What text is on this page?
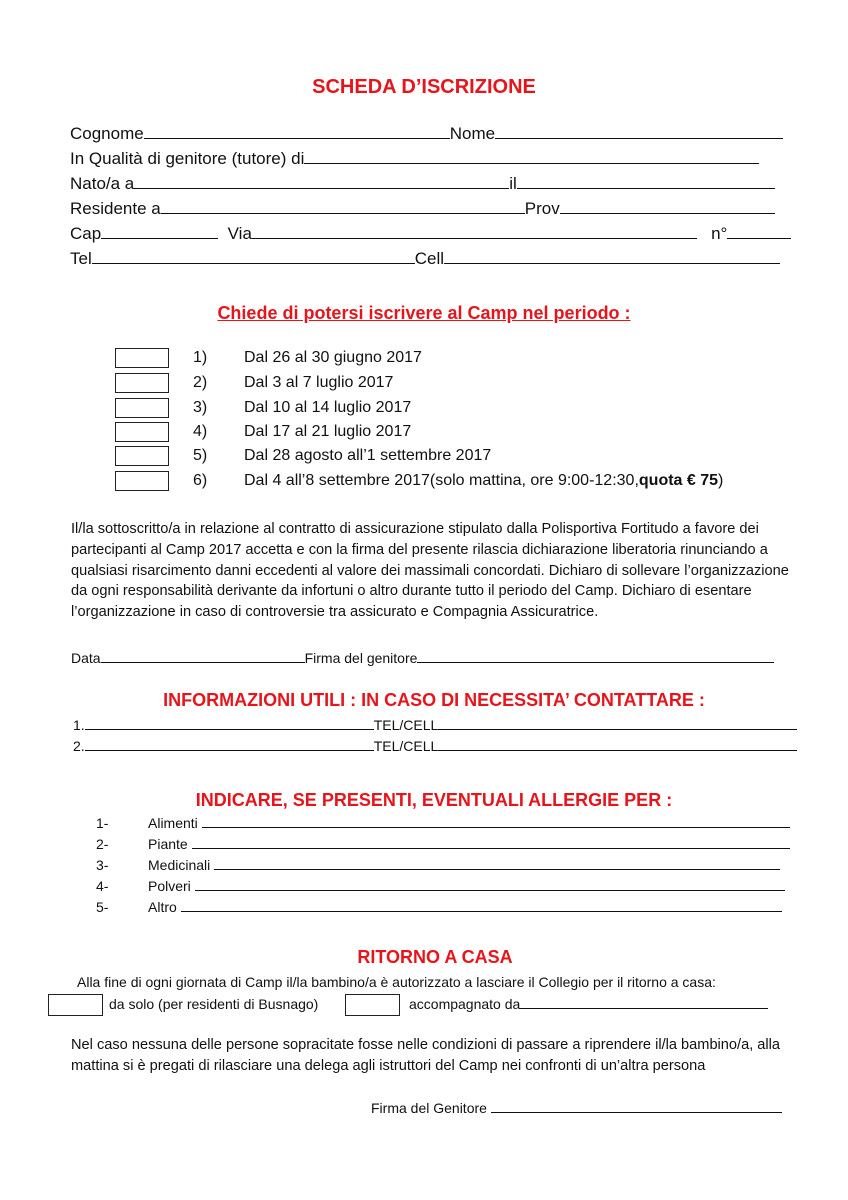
SCHEDA D’ISCRIZIONE
Cognome	Nome
In Qualità di genitore (tutore) di
Nato/a a	il
Residente a	Prov
Cap	Via	n°
Tel	Cell
Chiede di potersi iscrivere al Camp nel periodo :
1) Dal 26 al 30 giugno 2017
2) Dal 3 al 7 luglio 2017
3) Dal 10 al 14 luglio 2017
4) Dal 17 al 21 luglio 2017
5) Dal 28 agosto all’1 settembre 2017
6) Dal 4 all’8 settembre 2017(solo mattina, ore 9:00-12:30,quota € 75)
Il/la sottoscritto/a in relazione al contratto di assicurazione stipulato dalla Polisportiva Fortitudo a favore dei partecipanti al Camp 2017 accetta e con la firma del presente rilascia dichiarazione liberatoria rinunciando a qualsiasi risarcimento danni eccedenti al valore dei massimali concordati. Dichiaro di sollevare l’organizzazione da ogni responsabilità derivante da infortuni o altro durante tutto il periodo del Camp. Dichiaro di esentare l’organizzazione in caso di controversie tra assicurato e Compagnia Assicuratrice.
Data	Firma del genitore
INFORMAZIONI UTILI : IN CASO DI NECESSITA’ CONTATTARE :
1.	TEL/CELL
2.	TEL/CELL
INDICARE, SE PRESENTI, EVENTUALI ALLERGIE PER :
1-	Alimenti
2-	Piante
3-	Medicinali
4-	Polveri
5-	Altro
RITORNO A CASA
Alla fine di ogni giornata di Camp il/la bambino/a è autorizzato a lasciare il Collegio per il ritorno a casa:
da solo (per residenti di Busnago)	accompagnato da
Nel caso nessuna delle persone sopracitate fosse nelle condizioni di passare a riprendere il/la bambino/a, alla mattina si è pregati di rilasciare una delega agli istruttori del Camp nei confronti di un’altra persona
Firma del Genitore
